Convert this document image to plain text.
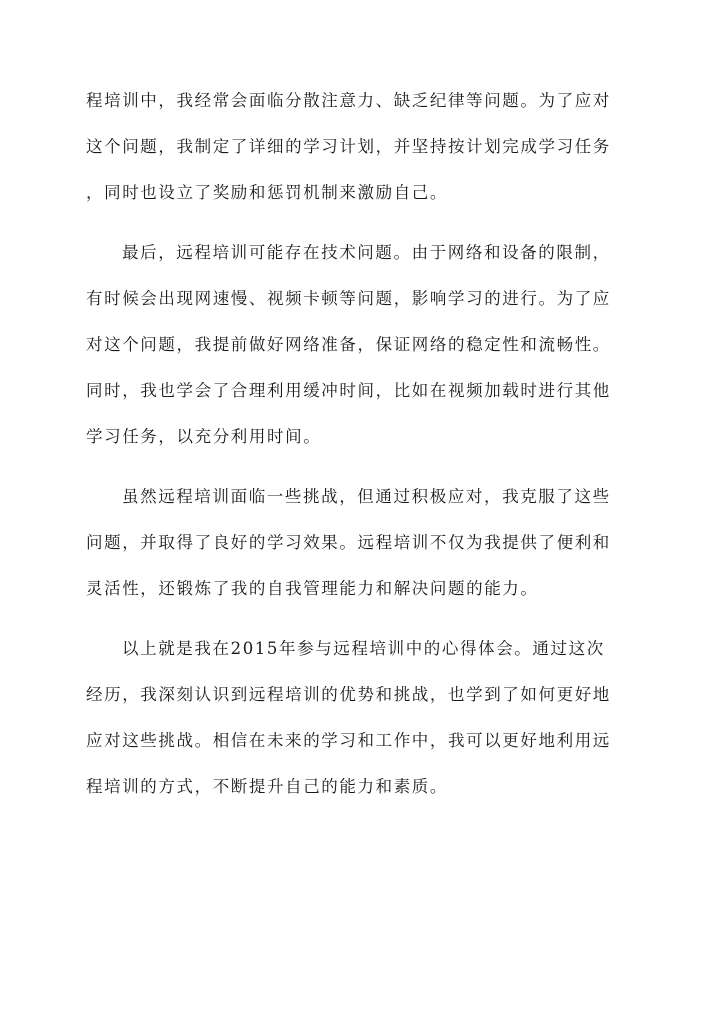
程培训中，我经常会面临分散注意力、缺乏纪律等问题。为了应对
这个问题，我制定了详细的学习计划，并坚持按计划完成学习任务
，同时也设立了奖励和惩罚机制来激励自己。
最后，远程培训可能存在技术问题。由于网络和设备的限制，
有时候会出现网速慢、视频卡顿等问题，影响学习的进行。为了应
对这个问题，我提前做好网络准备，保证网络的稳定性和流畅性。
同时，我也学会了合理利用缓冲时间，比如在视频加载时进行其他
学习任务，以充分利用时间。
虽然远程培训面临一些挑战，但通过积极应对，我克服了这些
问题，并取得了良好的学习效果。远程培训不仅为我提供了便利和
灵活性，还锻炼了我的自我管理能力和解决问题的能力。
以上就是我在2015年参与远程培训中的心得体会。通过这次
经历，我深刻认识到远程培训的优势和挑战，也学到了如何更好地
应对这些挑战。相信在未来的学习和工作中，我可以更好地利用远
程培训的方式，不断提升自己的能力和素质。
